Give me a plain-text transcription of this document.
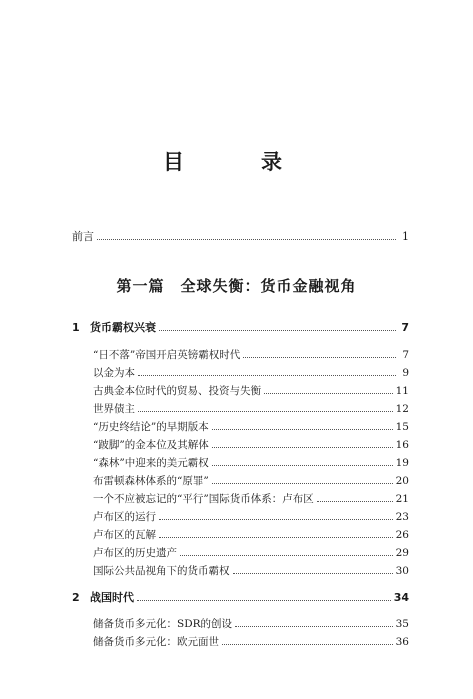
目　录
前言	1
第一篇　全球失衡：货币金融视角
1 货币霸权兴衰	7
“日不落”帝国开启英镑霸权时代	7
以金为本	9
古典金本位时代的贸易、投资与失衡	11
世界债主	12
“历史终结论”的早期版本	15
“跛脚”的金本位及其解体	16
“森林”中迎来的美元霸权	19
布雷顿森林体系的“原罪”	20
一个不应被忘记的“平行”国际货币体系：卢布区	21
卢布区的运行	23
卢布区的瓦解	26
卢布区的历史遗产	29
国际公共品视角下的货币霸权	30
2 战国时代	34
储备货币多元化：SDR的创设	35
储备货币多元化：欧元面世	36
